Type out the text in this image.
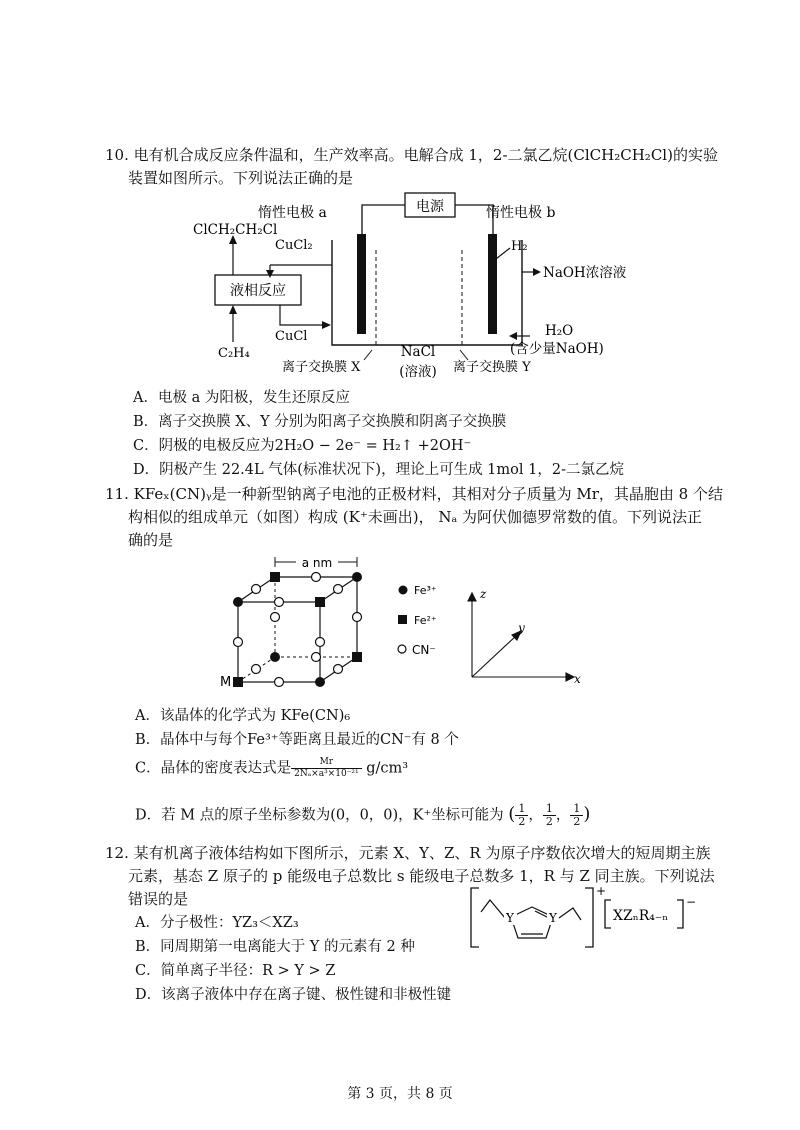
10. 电有机合成反应条件温和，生产效率高。电解合成 1，2-二氯乙烷(ClCH₂CH₂Cl)的实验
装置如图所示。下列说法正确的是
电源
惰性电极 a	惰性电极 b
液相反应
ClCH₂CH₂Cl
CuCl₂
CuCl
C₂H₄
H₂
NaOH浓溶液
H₂O
(含少量NaOH)
离子交换膜 X
NaCl
(溶液) 离子交换膜 Y
A．电极 a 为阳极，发生还原反应
B．离子交换膜 X、Y 分别为阳离子交换膜和阴离子交换膜
C．阴极的电极反应为2H₂O − 2e⁻ = H₂↑ +2OH⁻
D．阴极产生 22.4L 气体(标准状况下)，理论上可生成 1mol 1，2-二氯乙烷
11. KFeₓ(CN)ᵧ是一种新型钠离子电池的正极材料，其相对分子质量为 Mr，其晶胞由 8 个结
构相似的组成单元（如图）构成 (K⁺未画出)， Nₐ 为阿伏伽德罗常数的值。下列说法正
确的是
a nm
M
Fe³⁺
Fe²⁺
CN⁻
x
y
z
A．该晶体的化学式为 KFe(CN)₆
B．晶体中与每个Fe³⁺等距离且最近的CN⁻有 8 个
C．晶体的密度表达式是 $\frac{Mr}{\text{2Nₐ×a³×10⁻²¹}} g/cm^3$
D．若 M 点的原子坐标参数为(0，0，0)，K⁺坐标可能为 ( $\frac{1}{2}$ ， $\frac{1}{2}$ ， $\frac{1}{2}$ )
12. 某有机离子液体结构如下图所示，元素 X、Y、Z、R 为原子序数依次增大的短周期主族
元素，基态 Z 原子的 p 能级电子总数比 s 能级电子总数多 1，R 与 Z 同主族。下列说法
错误的是	+
Y	Y	XZₙR₄₋ₙ
−
A．分子极性：YZ₃＜XZ₃
B．同周期第一电离能大于 Y 的元素有 2 种
C．简单离子半径：R > Y > Z
D．该离子液体中存在离子键、极性键和非极性键
第 3 页，共 8 页
